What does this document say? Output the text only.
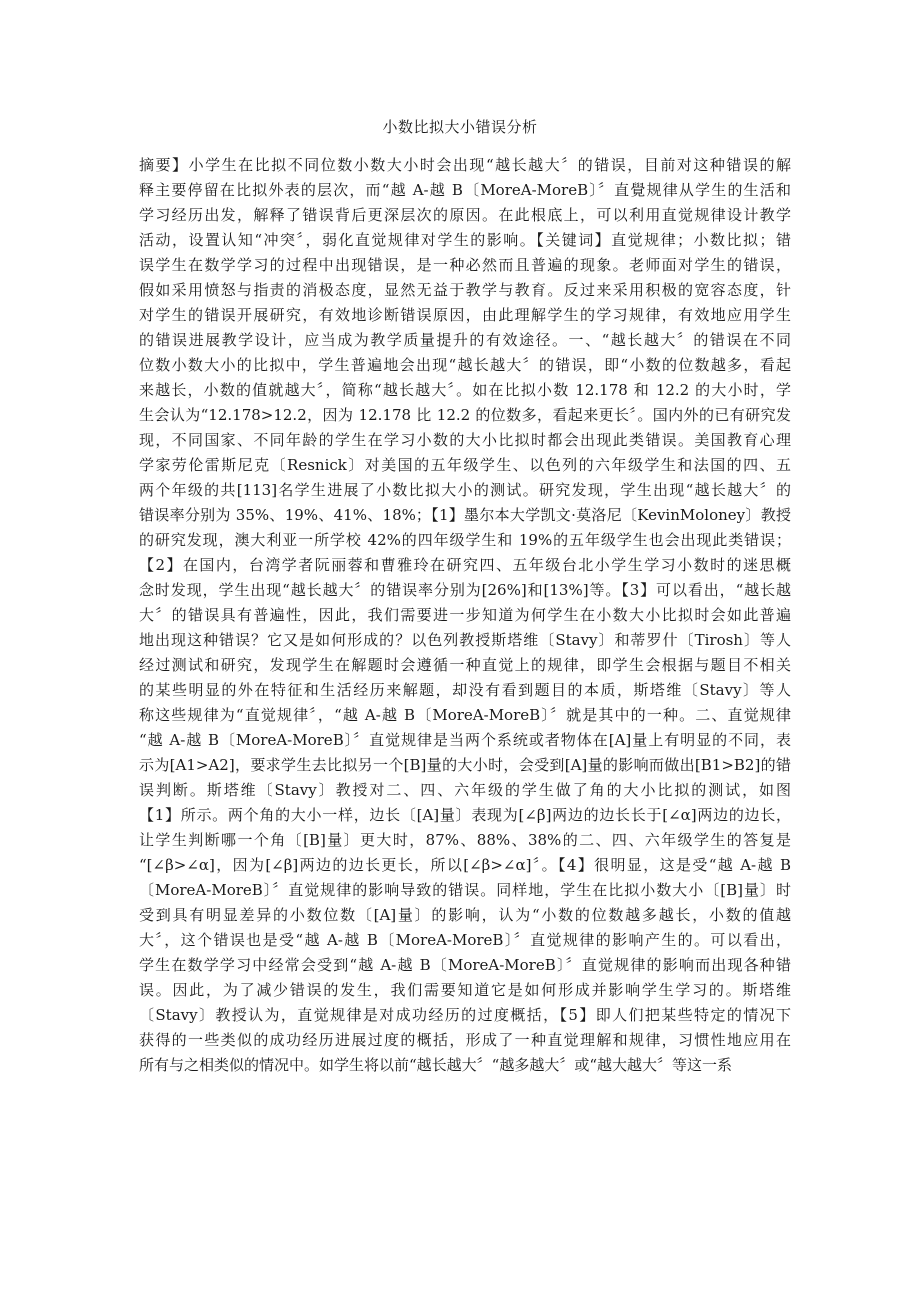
小数比拟大小错误分析
摘要】小学生在比拟不同位数小数大小时会出现“越长越大〞的错误，目前对这种错误的解
释主要停留在比拟外表的层次，而“越 A-越 B〔MoreA-MoreB〕〞直覺规律从学生的生活和
学习经历出发，解释了错误背后更深层次的原因。在此根底上，可以利用直觉规律设计教学
活动，设置认知“冲突〞，弱化直觉规律对学生的影响。【关键词】直觉规律；小数比拟；错
误学生在数学学习的过程中出现错误，是一种必然而且普遍的现象。老师面对学生的错误，
假如采用愤怒与指责的消极态度，显然无益于教学与教育。反过来采用积极的宽容态度，针
对学生的错误开展研究，有效地诊断错误原因，由此理解学生的学习规律，有效地应用学生
的错误进展教学设计，应当成为教学质量提升的有效途径。一、“越长越大〞的错误在不同
位数小数大小的比拟中，学生普遍地会出现“越长越大〞的错误，即“小数的位数越多，看起
来越长，小数的值就越大〞，简称“越长越大〞。如在比拟小数 12.178 和 12.2 的大小时，学
生会认为“12.178>12.2，因为 12.178 比 12.2 的位数多，看起来更长〞。国内外的已有研究发
现，不同国家、不同年龄的学生在学习小数的大小比拟时都会出现此类错误。美国教育心理
学家劳伦雷斯尼克〔Resnick〕对美国的五年级学生、以色列的六年级学生和法国的四、五
两个年级的共[113]名学生进展了小数比拟大小的测试。研究发现，学生出现“越长越大〞的
错误率分别为 35%、19%、41%、18%；【1】墨尔本大学凯文·莫洛尼〔KevinMoloney〕教授
的研究发现，澳大利亚一所学校 42%的四年级学生和 19%的五年级学生也会出现此类错误；
【2】在国内，台湾学者阮丽蓉和曹雅玲在研究四、五年级台北小学生学习小数时的迷思概
念时发现，学生出现“越长越大〞的错误率分别为[26%]和[13%]等。【3】可以看出，“越长越
大〞的错误具有普遍性，因此，我们需要进一步知道为何学生在小数大小比拟时会如此普遍
地出现这种错误？它又是如何形成的？以色列教授斯塔维〔Stavy〕和蒂罗什〔Tirosh〕等人
经过测试和研究，发现学生在解题时会遵循一种直觉上的规律，即学生会根据与题目不相关
的某些明显的外在特征和生活经历来解题，却没有看到题目的本质，斯塔维〔Stavy〕等人
称这些规律为“直觉规律〞，“越 A-越 B〔MoreA-MoreB〕〞就是其中的一种。二、直觉规律
“越 A-越 B〔MoreA-MoreB〕〞直觉规律是当两个系统或者物体在[A]量上有明显的不同，表
示为[A1>A2]，要求学生去比拟另一个[B]量的大小时，会受到[A]量的影响而做出[B1>B2]的错
误判断。斯塔维〔Stavy〕教授对二、四、六年级的学生做了角的大小比拟的测试，如图
【1】所示。两个角的大小一样，边长〔[A]量〕表现为[∠β]两边的边长长于[∠α]两边的边长，
让学生判断哪一个角〔[B]量〕更大时，87%、88%、38%的二、四、六年级学生的答复是
“[∠β>∠α]，因为[∠β]两边的边长更长，所以[∠β>∠α]〞。【4】很明显，这是受“越 A-越 B
〔MoreA-MoreB〕〞直觉规律的影响导致的错误。同样地，学生在比拟小数大小〔[B]量〕时
受到具有明显差异的小数位数〔[A]量〕的影响，认为“小数的位数越多越长，小数的值越
大〞，这个错误也是受“越 A-越 B〔MoreA-MoreB〕〞直觉规律的影响产生的。可以看出，
学生在数学学习中经常会受到“越 A-越 B〔MoreA-MoreB〕〞直觉规律的影响而出现各种错
误。因此，为了减少错误的发生，我们需要知道它是如何形成并影响学生学习的。斯塔维
〔Stavy〕教授认为，直觉规律是对成功经历的过度概括，【5】即人们把某些特定的情况下
获得的一些类似的成功经历进展过度的概括，形成了一种直觉理解和规律，习惯性地应用在
所有与之相类似的情况中。如学生将以前“越长越大〞“越多越大〞或“越大越大〞等这一系
